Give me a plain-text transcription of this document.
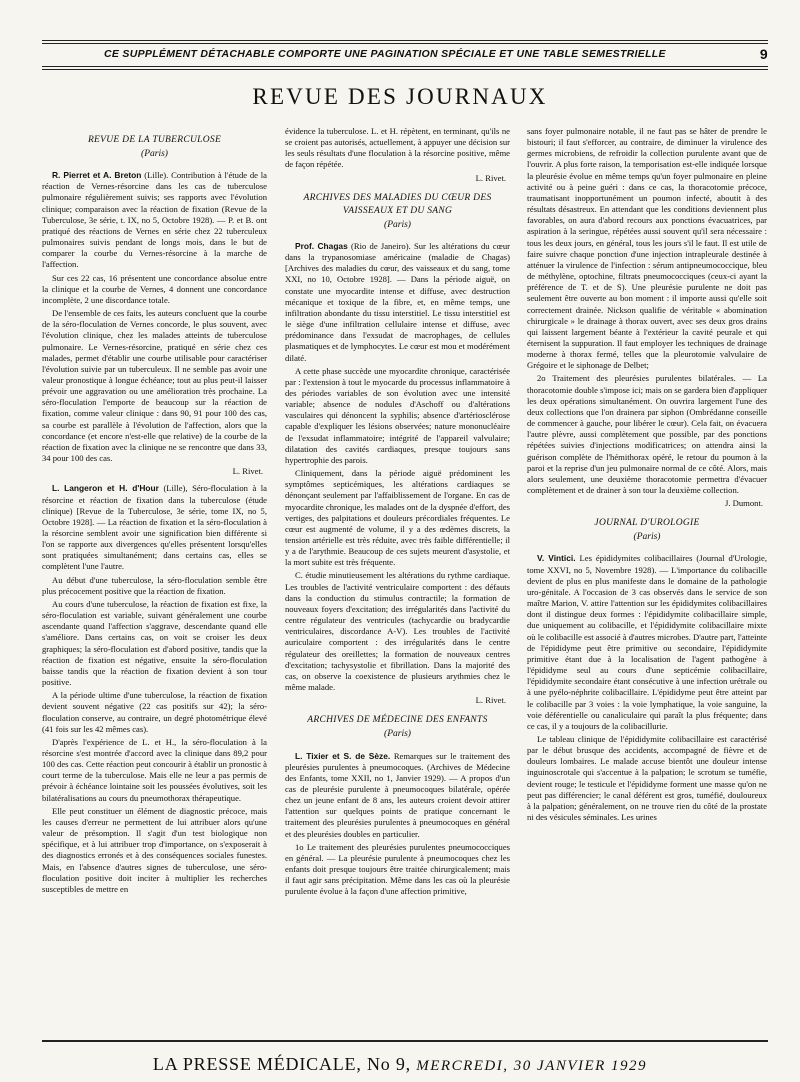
CE SUPPLÉMENT DÉTACHABLE COMPORTE UNE PAGINATION SPÉCIALE ET UNE TABLE SEMESTRIELLE	9
REVUE DES JOURNAUX
REVUE DE LA TUBERCULOSE
(Paris)

R. Pierret et A. Breton (Lille). Contribution à l'étude de la réaction de Vernes-résorcine dans les cas de tuberculose pulmonaire régulièrement suivis; ses rapports avec l'évolution clinique; comparaison avec la réaction de fixation (Revue de la Tuberculose, 3e série, t. IX, no 5, Octobre 1928). — P. et B. ont pratiqué des réactions de Vernes en série chez 22 tuberculeux pulmonaires suivis pendant de longs mois, dans le but de comparer la courbe du Vernes-résorcine à la marche de l'affection.

Sur ces 22 cas, 16 présentent une concordance absolue entre la clinique et la courbe de Vernes, 4 donnent une concordance incomplète, 2 une discordance totale.

De l'ensemble de ces faits, les auteurs concluent que la courbe de la séro-floculation de Vernes concorde, le plus souvent, avec l'évolution clinique, chez les malades atteints de tuberculose pulmonaire. Le Vernes-résorcine, pratiqué en série chez ces malades, permet d'établir une courbe utilisable pour caractériser l'évolution suivie par un tuberculeux. Il ne semble pas avoir une valeur pronostique à longue échéance; tout au plus peut-il laisser prévoir une aggravation ou une amélioration très prochaine. La séro-floculation l'emporte de beaucoup sur la réaction de fixation, comme valeur clinique : dans 90, 91 pour 100 des cas, sa courbe est parallèle à l'évolution de l'affection, alors que la concordance (et encore n'est-elle que relative) de la courbe de la réaction de fixation avec la clinique ne se rencontre que dans 33, 34 pour 100 des cas.

L. Rivet.

L. Langeron et H. d'Hour (Lille), Séro-floculation à la résorcine et réaction de fixation dans la tuberculose (étude clinique) [Revue de la Tuberculose, 3e série, tome IX, no 5, Octobre 1928]. — La réaction de fixation et la séro-floculation à la résorcine semblent avoir une signification bien différente si l'on se rapporte aux divergences qu'elles présentent lorsqu'elles sont pratiquées simultanément; dans certains cas, elles se complètent l'une l'autre.

Au début d'une tuberculose, la séro-floculation semble être plus précocement positive que la réaction de fixation.

Au cours d'une tuberculose, la réaction de fixation est fixe, la séro-floculation est variable, suivant généralement une courbe ascendante quand l'affection s'aggrave, descendante quand elle s'améliore. Dans certains cas, on voit se croiser les deux graphiques; la séro-floculation est d'abord positive, tandis que la réaction de fixation est négative, ensuite la séro-floculation baisse tandis que la réaction de fixation devient à son tour positive.

A la période ultime d'une tuberculose, la réaction de fixation devient souvent négative (22 cas positifs sur 42); la séro-floculation conserve, au contraire, un degré photométrique élevé (41 fois sur les 42 mêmes cas).

D'après l'expérience de L. et H., la séro-floculation à la résorcine s'est montrée d'accord avec la clinique dans 89,2 pour 100 des cas. Cette réaction peut concourir à établir un pronostic à court terme de la tuberculose. Mais elle ne leur a pas permis de prévoir à échéance lointaine soit les poussées évolutives, soit les bilatéralisations au cours du pneumothorax thérapeutique.

Elle peut constituer un élément de diagnostic précoce, mais les causes d'erreur ne permettent de lui attribuer alors qu'une valeur de présomption. Il s'agit d'un test biologique non spécifique, et à lui attribuer trop d'importance, on s'exposerait à des diagnostics erronés et à des conséquences sociales funestes. Mais, en l'absence d'autres signes de tuberculose, une séro-floculation positive doit inciter à multiplier les recherches susceptibles de mettre en

évidence la tuberculose. L. et H. répètent, en terminant, qu'ils ne se croient pas autorisés, actuellement, à appuyer une décision sur les seuls résultats d'une floculation à la résorcine positive, même de façon répétée.

L. Rivet.
ARCHIVES DES MALADIES DU CŒUR DES VAISSEAUX ET DU SANG
(Paris)

Prof. Chagas (Rio de Janeiro). Sur les altérations du cœur dans la trypanosomiase américaine (maladie de Chagas) [Archives des maladies du cœur, des vaisseaux et du sang, tome XXI, no 10, Octobre 1928]. — Dans la période aiguë, on constate une myocardite intense et diffuse, avec destruction mécanique et toxique de la fibre, et, en même temps, une infiltration abondante du tissu interstitiel. Le tissu interstitiel est le siège d'une infiltration cellulaire intense et diffuse, avec prédominance dans l'exsudat de macrophages, de cellules plasmatiques et de lymphocytes. Le cœur est mou et modérément dilaté.

A cette phase succède une myocardite chronique, caractérisée par : l'extension à tout le myocarde du processus inflammatoire à des périodes variables de son évolution avec une intensité variable; absence de nodules d'Aschoff ou d'altérations vasculaires qui dénoncent la syphilis; absence d'artériosclérose capable d'expliquer les lésions observées; nature mononucléaire de l'exsudat inflammatoire; intégrité de l'appareil valvulaire; dilatation des cavités cardiaques, presque toujours sans hypertrophie des parois.

Cliniquement, dans la période aiguë prédominent les symptômes septicémiques, les altérations cardiaques se dénonçant seulement par l'affaiblissement de l'organe. En cas de myocardite chronique, les malades ont de la dyspnée d'effort, des vertiges, des palpitations et douleurs précordiales fréquentes. Le cœur est augmenté de volume, il y a des œdèmes discrets, la tension artérielle est très réduite, avec très faible différentielle; il y a de l'arythmie. Beaucoup de ces sujets meurent d'asystolie, et la mort subite est très fréquente.

C. étudie minutieusement les altérations du rythme cardiaque. Les troubles de l'activité ventriculaire comportent : des défauts dans la conduction du stimulus contractile; la formation de nouveaux foyers d'excitation; des irrégularités dans l'activité du centre régulateur des ventricules (tachycardie ou bradycardie ventriculaires, discordance A-V). Les troubles de l'activité auriculaire comportent : des irrégularités dans le centre régulateur des oreillettes; la formation de nouveaux centres d'excitation; tachysystolie et fibrillation. Dans la majorité des cas, on observe la coexistence de plusieurs arythmies chez le même malade.

L. Rivet.
ARCHIVES DE MÉDECINE DES ENFANTS
(Paris)

L. Tixier et S. de Sèze. Remarques sur le traitement des pleurésies purulentes à pneumocoques. (Archives de Médecine des Enfants, tome XXII, no 1, Janvier 1929). — A propos d'un cas de pleurésie purulente à pneumocoques bilatérale, opérée chez un jeune enfant de 8 ans, les auteurs croient devoir attirer l'attention sur quelques points de pratique concernant le traitement des pleurésies purulentes à pneumocoques en général et des pleurésies doubles en particulier.

1o Le traitement des pleurésies purulentes pneumococciques en général. — La pleurésie purulente à pneumocoques chez les enfants doit presque toujours être traitée chirurgicalement; mais il faut agir sans précipitation. Même dans les cas où la pleurésie purulente évolue à la façon d'une affection primitive,

sans foyer pulmonaire notable, il ne faut pas se hâter de prendre le bistouri; il faut s'efforcer, au contraire, de diminuer la virulence des germes microbiens, de refroidir la collection purulente avant que de l'ouvrir. A plus forte raison, la temporisation est-elle indiquée lorsque la pleurésie évolue en même temps qu'un foyer pulmonaire en pleine activité ou à peine guéri : dans ce cas, la thoracotomie précoce, traumatisant inopportunément un poumon infecté, aboutit à des résultats désastreux. En attendant que les conditions deviennent plus favorables, on aura d'abord recours aux ponctions évacuatrices, par aspiration à la seringue, répétées aussi souvent qu'il sera nécessaire : tous les deux jours, en général, tous les jours s'il le faut. Il est utile de faire suivre chaque ponction d'une injection intrapleurale destinée à atténuer la virulence de l'infection : sérum antipneumococcique, bleu de méthylène, optochine, filtrats pneumococciques (ceux-ci ayant la préférence de T. et de S). Une pleurésie purulente ne doit pas seulement être ouverte au bon moment : il importe aussi qu'elle soit correctement drainée. Nickson qualifie de véritable « abomination chirurgicale » le drainage à thorax ouvert, avec ses deux gros drains qui laissent largement béante à l'extérieur la cavité peurale et qui éternisent la suppuration. Il faut employer les techniques de drainage moderne à thorax fermé, telles que la pleurotomie valvulaire de Grégoire et le siphonage de Delbet;

2o Traitement des pleurésies purulentes bilatérales. — La thoracotomie double s'impose ici; mais on se gardera bien d'appliquer les deux opérations simultanément. On ouvrira largement l'une des deux collections que l'on drainera par siphon (Ombrédanne conseille de commencer à gauche, pour libérer le cœur). Cela fait, on évacuera l'autre plèvre, aussi complètement que possible, par des ponctions répétées suivies d'injections modificatrices; on attendra ainsi la guérison complète de l'hémithorax opéré, le retour du poumon à la paroi et la reprise d'un jeu pulmonaire normal de ce côté. Alors, mais alors seulement, une deuxième thoracotomie permettra d'évacuer complètement et de drainer à son tour la deuxième collection.

J. Dumont.
JOURNAL D'UROLOGIE
(Paris)

V. Vintici. Les épididymites colibacillaires (Journal d'Urologie, tome XXVI, no 5, Novembre 1928). — L'importance du colibacille devient de plus en plus manifeste dans le domaine de la pathologie uro-génitale. A l'occasion de 3 cas observés dans le service de son maître Marion, V. attire l'attention sur les épididymites colibacillaires dont il distingue deux formes : l'épididymite colibacillaire simple, due uniquement au colibacille, et l'épididymite colibacillaire mixte où le colibacille est associé à d'autres microbes. D'autre part, l'atteinte de l'épididyme peut être primitive ou secondaire, l'épididymite primitive étant due à la localisation de l'agent pathogène à l'épididyme seul au cours d'une septicémie colibacillaire, l'épididymite secondaire étant consécutive à une infection urétrale ou à une pyélo-néphrite colibacillaire. L'épididyme peut être atteint par le colibacille par 3 voies : la voie lymphatique, la voie sanguine, la voie déférentielle ou canaliculaire qui paraît la plus fréquente; dans ce cas, il y a toujours de la colibacillurie.

Le tableau clinique de l'épididymite colibacillaire est caractérisé par le début brusque des accidents, accompagné de fièvre et de douleurs lombaires. Le malade accuse bientôt une douleur intense inguinoscrotale qui s'accentue à la palpation; le scrotum se tuméfie, devient rouge; le testicule et l'épididyme forment une masse qu'on ne peut pas différencier; le canal déférent est gros, tuméfié, douloureux à la palpation; généralement, on ne trouve rien du côté de la prostate ni des vésicules séminales. Les urines

LA PRESSE MÉDICALE, No 9, MERCREDI, 30 JANVIER 1929
